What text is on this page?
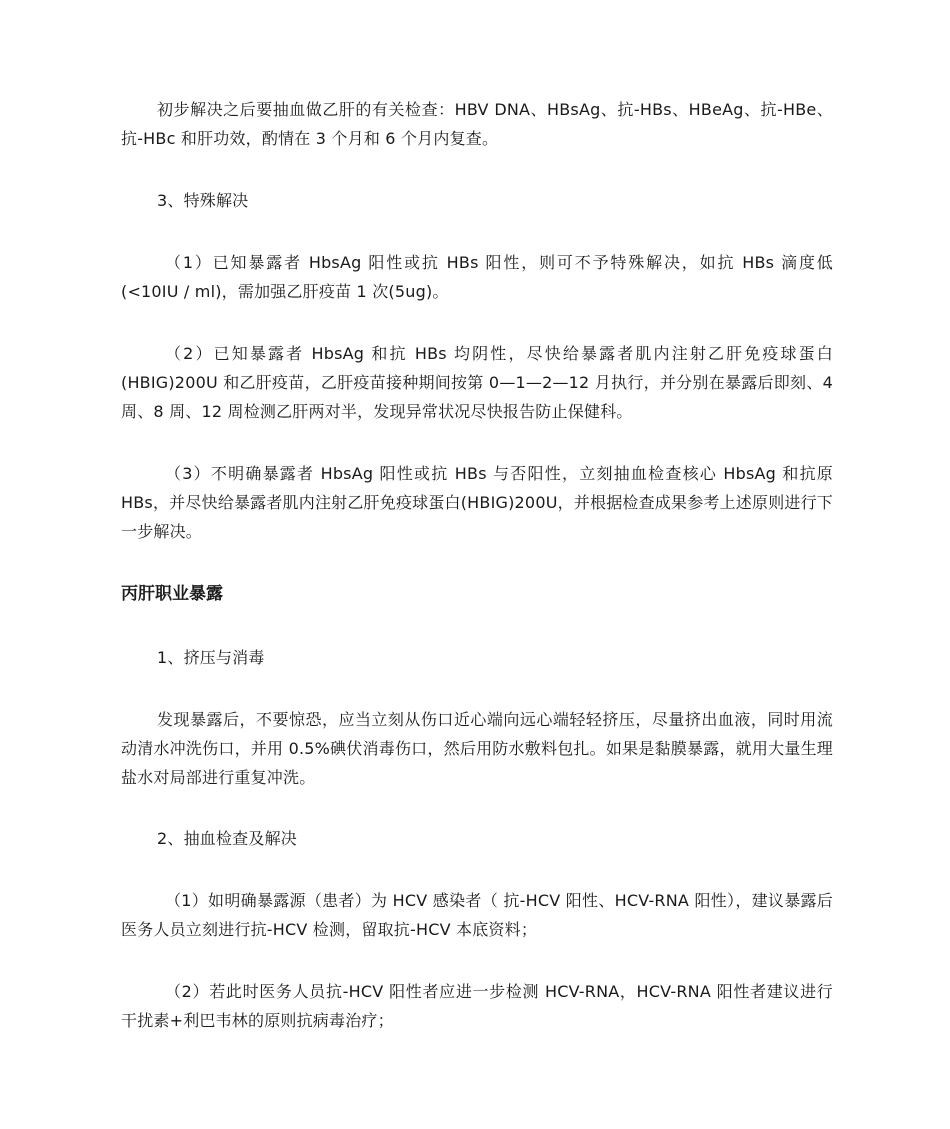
初步解决之后要抽血做乙肝的有关检查：HBV DNA、HBsAg、抗-HBs、HBeAg、抗-HBe、抗-HBc 和肝功效，酌情在 3 个月和 6 个月内复查。

3、特殊解决

（1）已知暴露者 HbsAg 阳性或抗 HBs 阳性，则可不予特殊解决，如抗 HBs 滴度低(<10IU / ml)，需加强乙肝疫苗 1 次(5ug)。

（2）已知暴露者 HbsAg 和抗 HBs 均阴性，尽快给暴露者肌内注射乙肝免疫球蛋白(HBIG)200U 和乙肝疫苗，乙肝疫苗接种期间按第 0—1—2—12 月执行，并分别在暴露后即刻、4 周、8 周、12 周检测乙肝两对半，发现异常状况尽快报告防止保健科。

（3）不明确暴露者 HbsAg 阳性或抗 HBs 与否阳性，立刻抽血检查核心 HbsAg 和抗原 HBs，并尽快给暴露者肌内注射乙肝免疫球蛋白(HBIG)200U，并根据检查成果参考上述原则进行下一步解决。

丙肝职业暴露

1、挤压与消毒

发现暴露后，不要惊恐，应当立刻从伤口近心端向远心端轻轻挤压，尽量挤出血液，同时用流动清水冲洗伤口，并用 0.5%碘伏消毒伤口，然后用防水敷料包扎。如果是黏膜暴露，就用大量生理盐水对局部进行重复冲洗。

2、抽血检查及解决

（1）如明确暴露源（患者）为 HCV 感染者（ 抗-HCV 阳性、HCV-RNA 阳性），建议暴露后医务人员立刻进行抗-HCV 检测，留取抗-HCV 本底资料；

（2）若此时医务人员抗-HCV 阳性者应进一步检测 HCV-RNA，HCV-RNA 阳性者建议进行干扰素+利巴韦林的原则抗病毒治疗；
